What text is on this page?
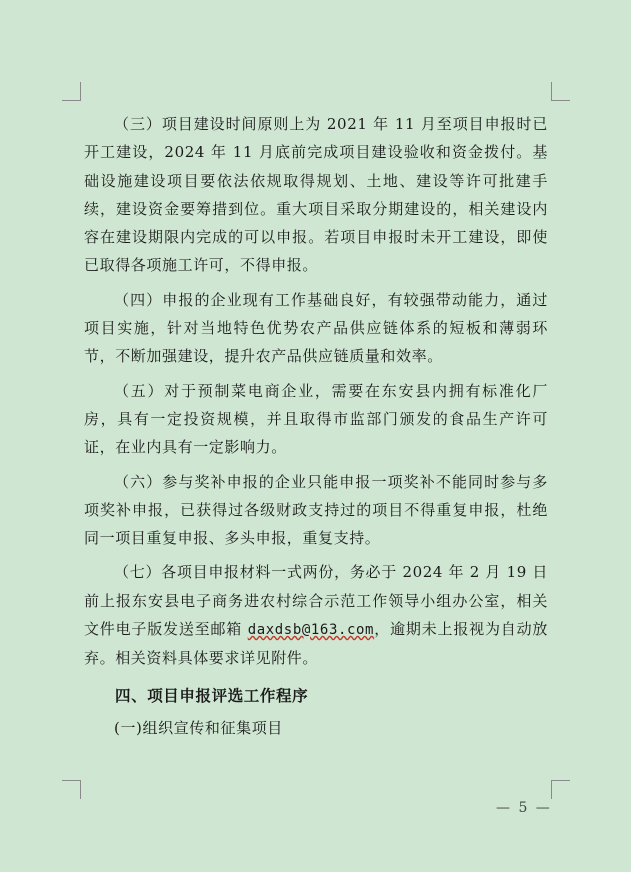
（三）项目建设时间原则上为 2021 年 11 月至项目申报时已开工建设，2024 年 11 月底前完成项目建设验收和资金拨付。基础设施建设项目要依法依规取得规划、土地、建设等许可批建手续，建设资金要筹措到位。重大项目采取分期建设的，相关建设内容在建设期限内完成的可以申报。若项目申报时未开工建设，即使已取得各项施工许可，不得申报。

（四）申报的企业现有工作基础良好，有较强带动能力，通过项目实施，针对当地特色优势农产品供应链体系的短板和薄弱环节，不断加强建设，提升农产品供应链质量和效率。

（五）对于预制菜电商企业，需要在东安县内拥有标准化厂房，具有一定投资规模，并且取得市监部门颁发的食品生产许可证，在业内具有一定影响力。

（六）参与奖补申报的企业只能申报一项奖补不能同时参与多项奖补申报，已获得过各级财政支持过的项目不得重复申报，杜绝同一项目重复申报、多头申报，重复支持。

（七）各项目申报材料一式两份，务必于 2024 年 2 月 19 日前上报东安县电子商务进农村综合示范工作领导小组办公室，相关文件电子版发送至邮箱 daxdsb@163.com，逾期未上报视为自动放弃。相关资料具体要求详见附件。

四、项目申报评选工作程序
(一)组织宣传和征集项目
— 5 —
